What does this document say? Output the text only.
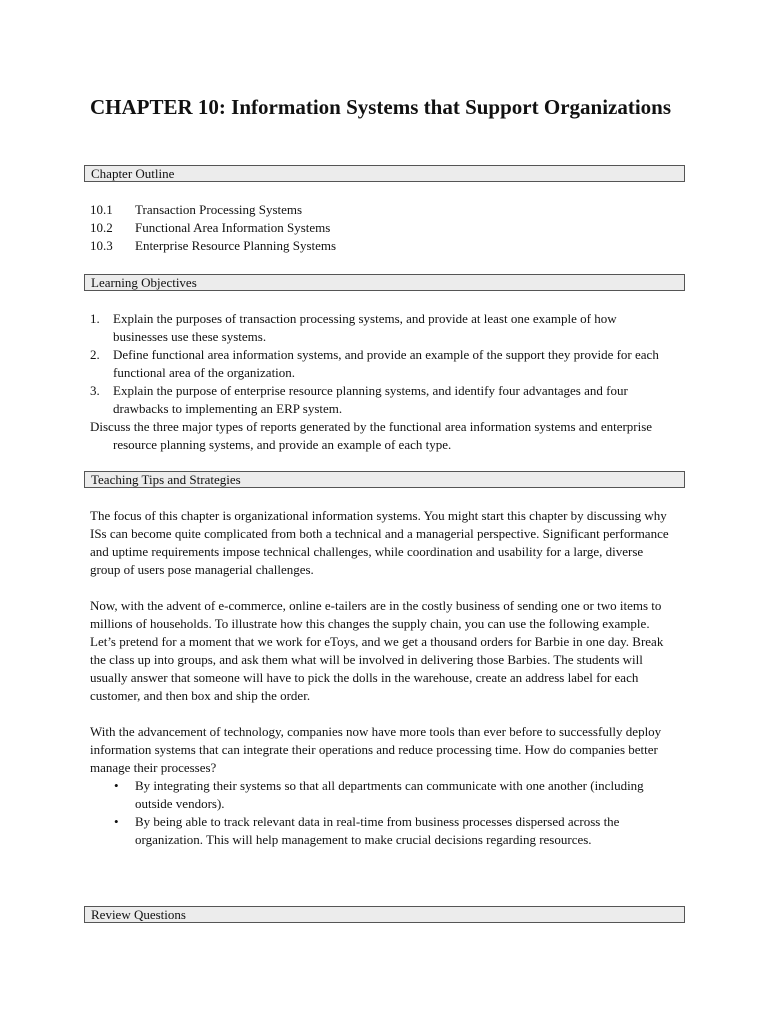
CHAPTER 10: Information Systems that Support Organizations
Chapter Outline
10.1 Transaction Processing Systems
10.2 Functional Area Information Systems
10.3 Enterprise Resource Planning Systems
Learning Objectives
1. Explain the purposes of transaction processing systems, and provide at least one example of how businesses use these systems.
2. Define functional area information systems, and provide an example of the support they provide for each functional area of the organization.
3. Explain the purpose of enterprise resource planning systems, and identify four advantages and four drawbacks to implementing an ERP system.
Discuss the three major types of reports generated by the functional area information systems and enterprise resource planning systems, and provide an example of each type.
Teaching Tips and Strategies

The focus of this chapter is organizational information systems. You might start this chapter by discussing why ISs can become quite complicated from both a technical and a managerial perspective. Significant performance and uptime requirements impose technical challenges, while coordination and usability for a large, diverse group of users pose managerial challenges.

Now, with the advent of e-commerce, online e-tailers are in the costly business of sending one or two items to millions of households. To illustrate how this changes the supply chain, you can use the following example. Let’s pretend for a moment that we work for eToys, and we get a thousand orders for Barbie in one day. Break the class up into groups, and ask them what will be involved in delivering those Barbies. The students will usually answer that someone will have to pick the dolls in the warehouse, create an address label for each customer, and then box and ship the order.

With the advancement of technology, companies now have more tools than ever before to successfully deploy information systems that can integrate their operations and reduce processing time. How do companies better manage their processes?

• By integrating their systems so that all departments can communicate with one another (including outside vendors).
• By being able to track relevant data in real-time from business processes dispersed across the organization. This will help management to make crucial decisions regarding resources.
Review Questions
